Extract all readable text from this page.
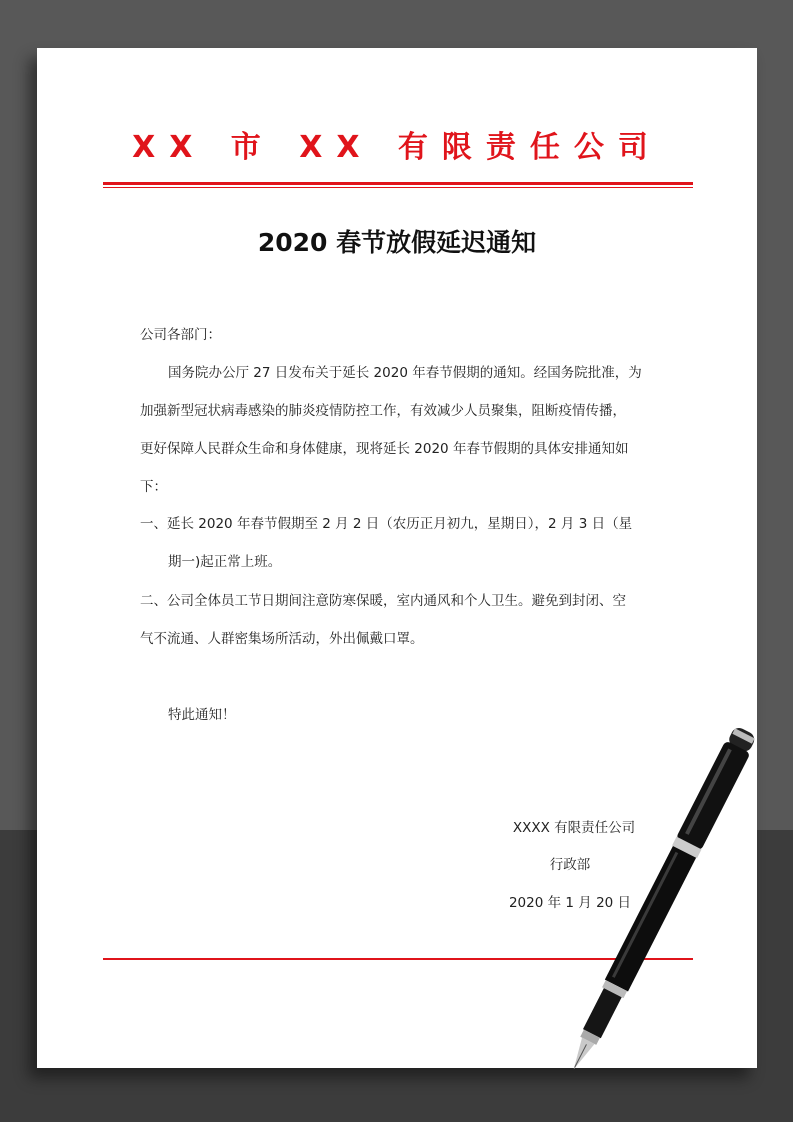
XX 市 XX 有限责任公司
2020 春节放假延迟通知
公司各部门：
国务院办公厅 27 日发布关于延长 2020 年春节假期的通知。经国务院批准，为
加强新型冠状病毒感染的肺炎疫情防控工作，有效减少人员聚集，阻断疫情传播，
更好保障人民群众生命和身体健康，现将延长 2020 年春节假期的具体安排通知如
下：
一、延长 2020 年春节假期至 2 月 2 日（农历正月初九，星期日），2 月 3 日（星
期一)起正常上班。
二、公司全体员工节日期间注意防寒保暖，室内通风和个人卫生。避免到封闭、空
气不流通、人群密集场所活动，外出佩戴口罩。
特此通知！
XXXX 有限责任公司
行政部
2020 年 1 月 20 日
